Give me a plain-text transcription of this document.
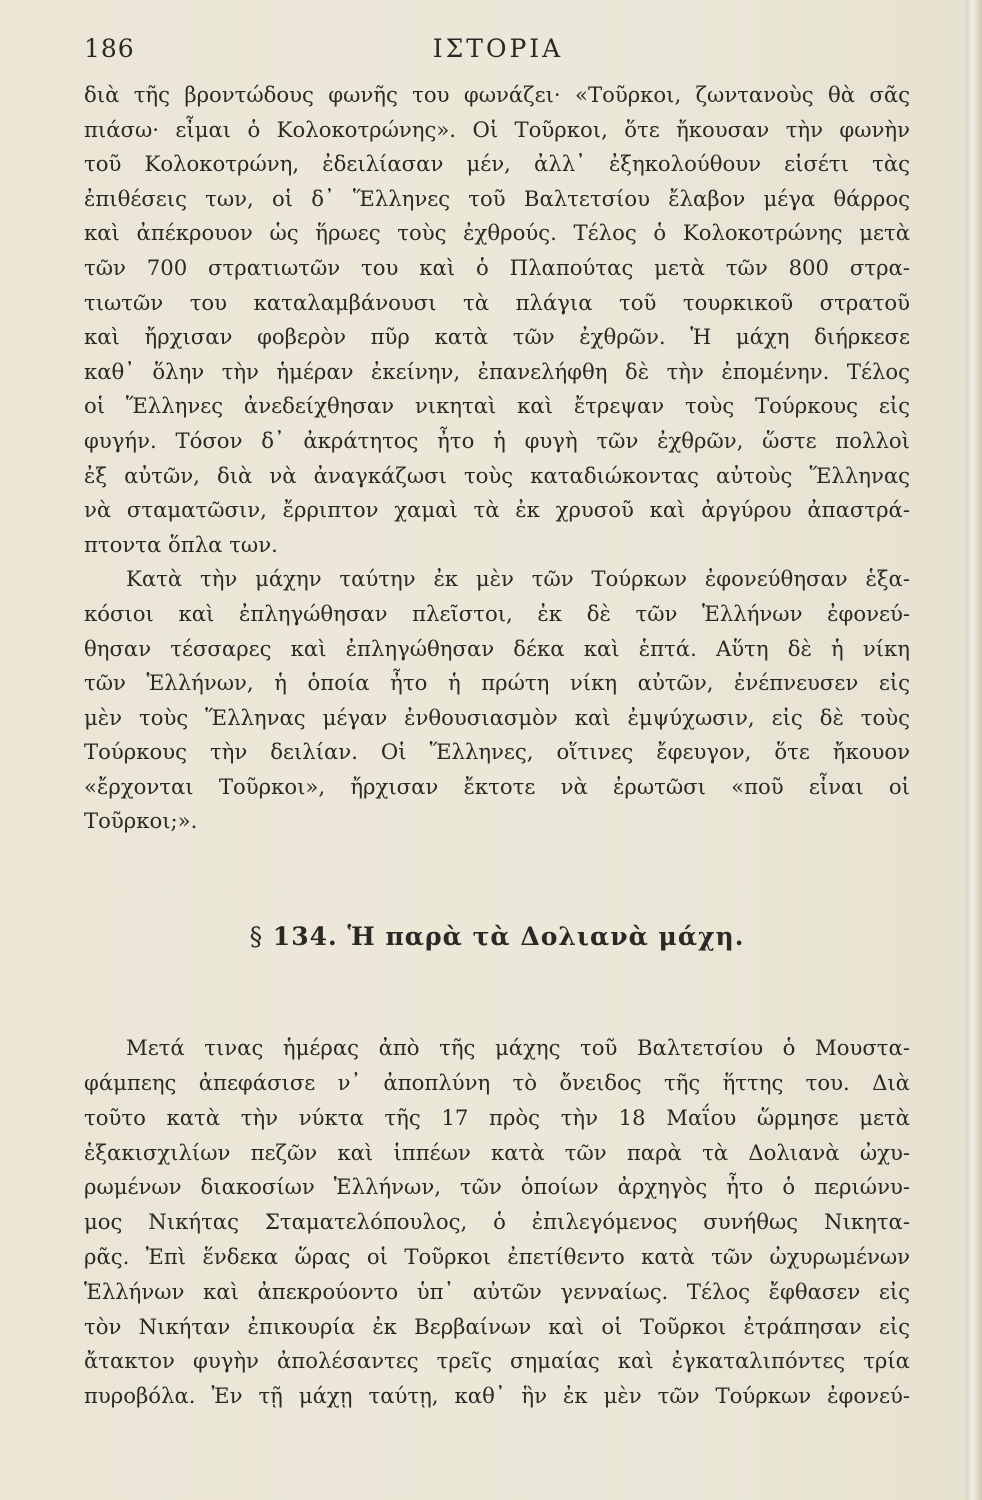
186	ΙΣΤΟΡΙΑ

διὰ τῆς βροντώδους φωνῆς του φωνάζει· «Τοῦρκοι, ζωντανοὺς θὰ σᾶς
πιάσω· εἶμαι ὁ Κολοκοτρώνης». Οἱ Τοῦρκοι, ὅτε ἤκουσαν τὴν φωνὴν
τοῦ Κολοκοτρώνη, ἐδειλίασαν μέν, ἀλλ᾽ ἐξηκολούθουν εἰσέτι τὰς
ἐπιθέσεις των, οἱ δ᾽ Ἕλληνες τοῦ Βαλτετσίου ἔλαβον μέγα θάρρος
καὶ ἀπέκρουον ὡς ἥρωες τοὺς ἐχθρούς. Τέλος ὁ Κολοκοτρώνης μετὰ
τῶν 700 στρατιωτῶν του καὶ ὁ Πλαπούτας μετὰ τῶν 800 στρα-
τιωτῶν του καταλαμβάνουσι τὰ πλάγια τοῦ τουρκικοῦ στρατοῦ
καὶ ἤρχισαν φοβερὸν πῦρ κατὰ τῶν ἐχθρῶν. Ἡ μάχη διήρκεσε
καθ᾽ ὅλην τὴν ἡμέραν ἐκείνην, ἐπανελήφθη δὲ τὴν ἐπομένην. Τέλος
οἱ Ἕλληνες ἀνεδείχθησαν νικηταὶ καὶ ἔτρεψαν τοὺς Τούρκους εἰς
φυγήν. Τόσον δ᾽ ἀκράτητος ἦτο ἡ φυγὴ τῶν ἐχθρῶν, ὥστε πολλοὶ
ἐξ αὐτῶν, διὰ νὰ ἀναγκάζωσι τοὺς καταδιώκοντας αὐτοὺς Ἕλληνας
νὰ σταματῶσιν, ἔρριπτον χαμαὶ τὰ ἐκ χρυσοῦ καὶ ἀργύρου ἀπαστρά-
πτοντα ὅπλα των.

Κατὰ τὴν μάχην ταύτην ἐκ μὲν τῶν Τούρκων ἐφονεύθησαν ἑξα-
κόσιοι καὶ ἐπληγώθησαν πλεῖστοι, ἐκ δὲ τῶν Ἑλλήνων ἐφονεύ-
θησαν τέσσαρες καὶ ἐπληγώθησαν δέκα καὶ ἑπτά. Αὕτη δὲ ἡ νίκη
τῶν Ἑλλήνων, ἡ ὁποία ἦτο ἡ πρώτη νίκη αὐτῶν, ἐνέπνευσεν εἰς
μὲν τοὺς Ἕλληνας μέγαν ἐνθουσιασμὸν καὶ ἐμψύχωσιν, εἰς δὲ τοὺς
Τούρκους τὴν δειλίαν. Οἱ Ἕλληνες, οἵτινες ἔφευγον, ὅτε ἤκουον
«ἔρχονται Τοῦρκοι», ἤρχισαν ἔκτοτε νὰ ἐρωτῶσι «ποῦ εἶναι οἱ
Τοῦρκοι;».

§ 134. Ἡ παρὰ τὰ Δολιανὰ μάχη.

Μετά τινας ἡμέρας ἀπὸ τῆς μάχης τοῦ Βαλτετσίου ὁ Μουστα-
φάμπεης ἀπεφάσισε ν᾽ ἀποπλύνη τὸ ὄνειδος τῆς ἥττης του. Διὰ
τοῦτο κατὰ τὴν νύκτα τῆς 17 πρὸς τὴν 18 Μαΐου ὥρμησε μετὰ
ἑξακισχιλίων πεζῶν καὶ ἱππέων κατὰ τῶν παρὰ τὰ Δολιανὰ ὠχυ-
ρωμένων διακοσίων Ἑλλήνων, τῶν ὁποίων ἀρχηγὸς ἦτο ὁ περιώνυ-
μος Νικήτας Σταματελόπουλος, ὁ ἐπιλεγόμενος συνήθως Νικητα-
ρᾶς. Ἐπὶ ἕνδεκα ὥρας οἱ Τοῦρκοι ἐπετίθεντο κατὰ τῶν ὠχυρωμένων
Ἑλλήνων καὶ ἀπεκρούοντο ὑπ᾽ αὐτῶν γενναίως. Τέλος ἔφθασεν εἰς
τὸν Νικήταν ἐπικουρία ἐκ Βερβαίνων καὶ οἱ Τοῦρκοι ἐτράπησαν εἰς
ἄτακτον φυγὴν ἀπολέσαντες τρεῖς σημαίας καὶ ἐγκαταλιπόντες τρία
πυροβόλα. Ἐν τῇ μάχῃ ταύτῃ, καθ᾽ ἣν ἐκ μὲν τῶν Τούρκων ἐφονεύ-
